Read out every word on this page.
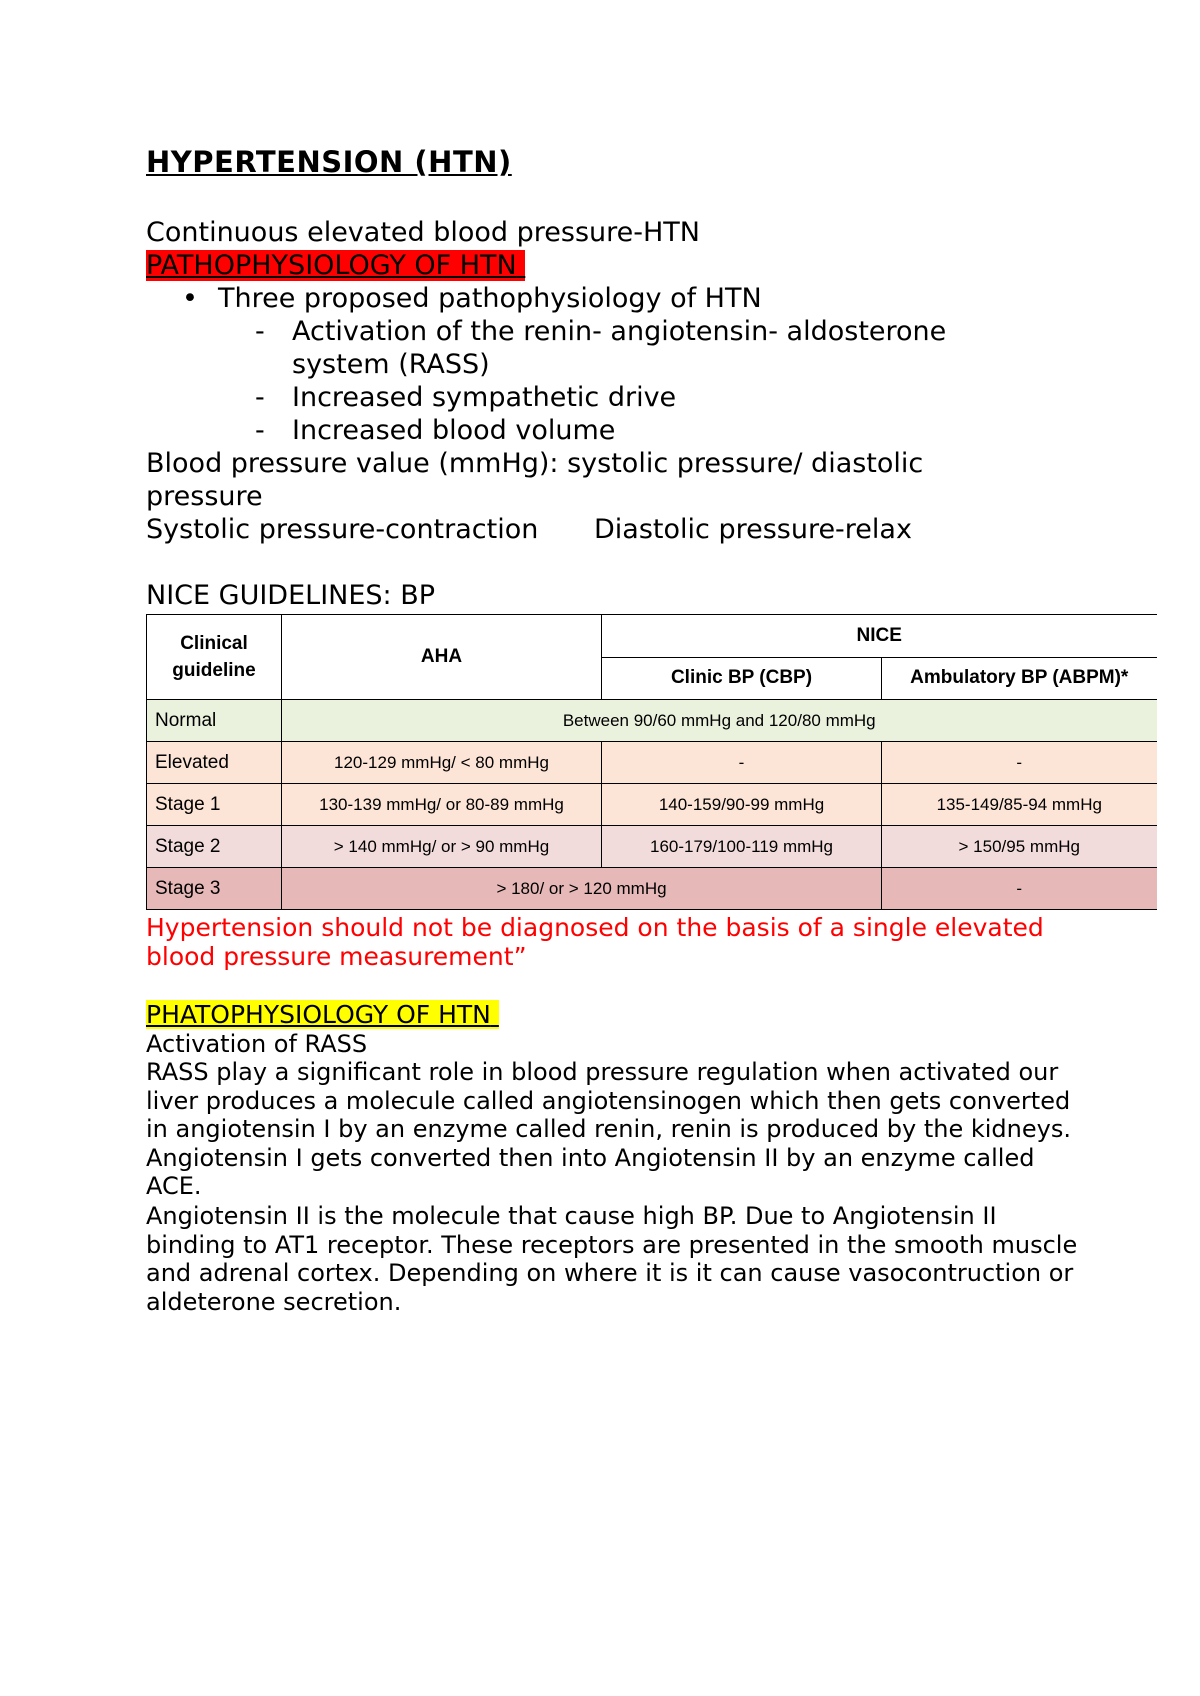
HYPERTENSION (HTN)
Continuous elevated blood pressure-HTN
PATHOPHYSIOLOGY OF HTN
• Three proposed pathophysiology of HTN
- Activation of the renin- angiotensin- aldosterone
system (RASS)
- Increased sympathetic drive
- Increased blood volume
Blood pressure value (mmHg): systolic pressure/ diastolic
pressure
Systolic pressure-contraction Diastolic pressure-relax
NICE GUIDELINES: BP
Clinical
guideline	AHA	NICE	
		Clinic BP (CBP)	Ambulatory BP (ABPM)*
Normal	Between 90/60 mmHg and 120/80 mmHg		
Elevated	120-129 mmHg/ < 80 mmHg	-	-
Stage 1	130-139 mmHg/ or 80-89 mmHg	140-159/90-99 mmHg	135-149/85-94 mmHg
Stage 2	> 140 mmHg/ or > 90 mmHg	160-179/100-119 mmHg	> 150/95 mmHg
Stage 3	> 180/ or > 120 mmHg		-
Hypertension should not be diagnosed on the basis of a single elevated
blood pressure measurement”
PHATOPHYSIOLOGY OF HTN
Activation of RASS
RASS play a significant role in blood pressure regulation when activated our liver produces a molecule called angiotensinogen which then gets converted in angiotensin I by an enzyme called renin, renin is produced by the kidneys. Angiotensin I gets converted then into Angiotensin II by an enzyme called ACE.
Angiotensin II is the molecule that cause high BP. Due to Angiotensin II binding to AT1 receptor. These receptors are presented in the smooth muscle and adrenal cortex. Depending on where it is it can cause vasocontruction or aldeterone secretion.
